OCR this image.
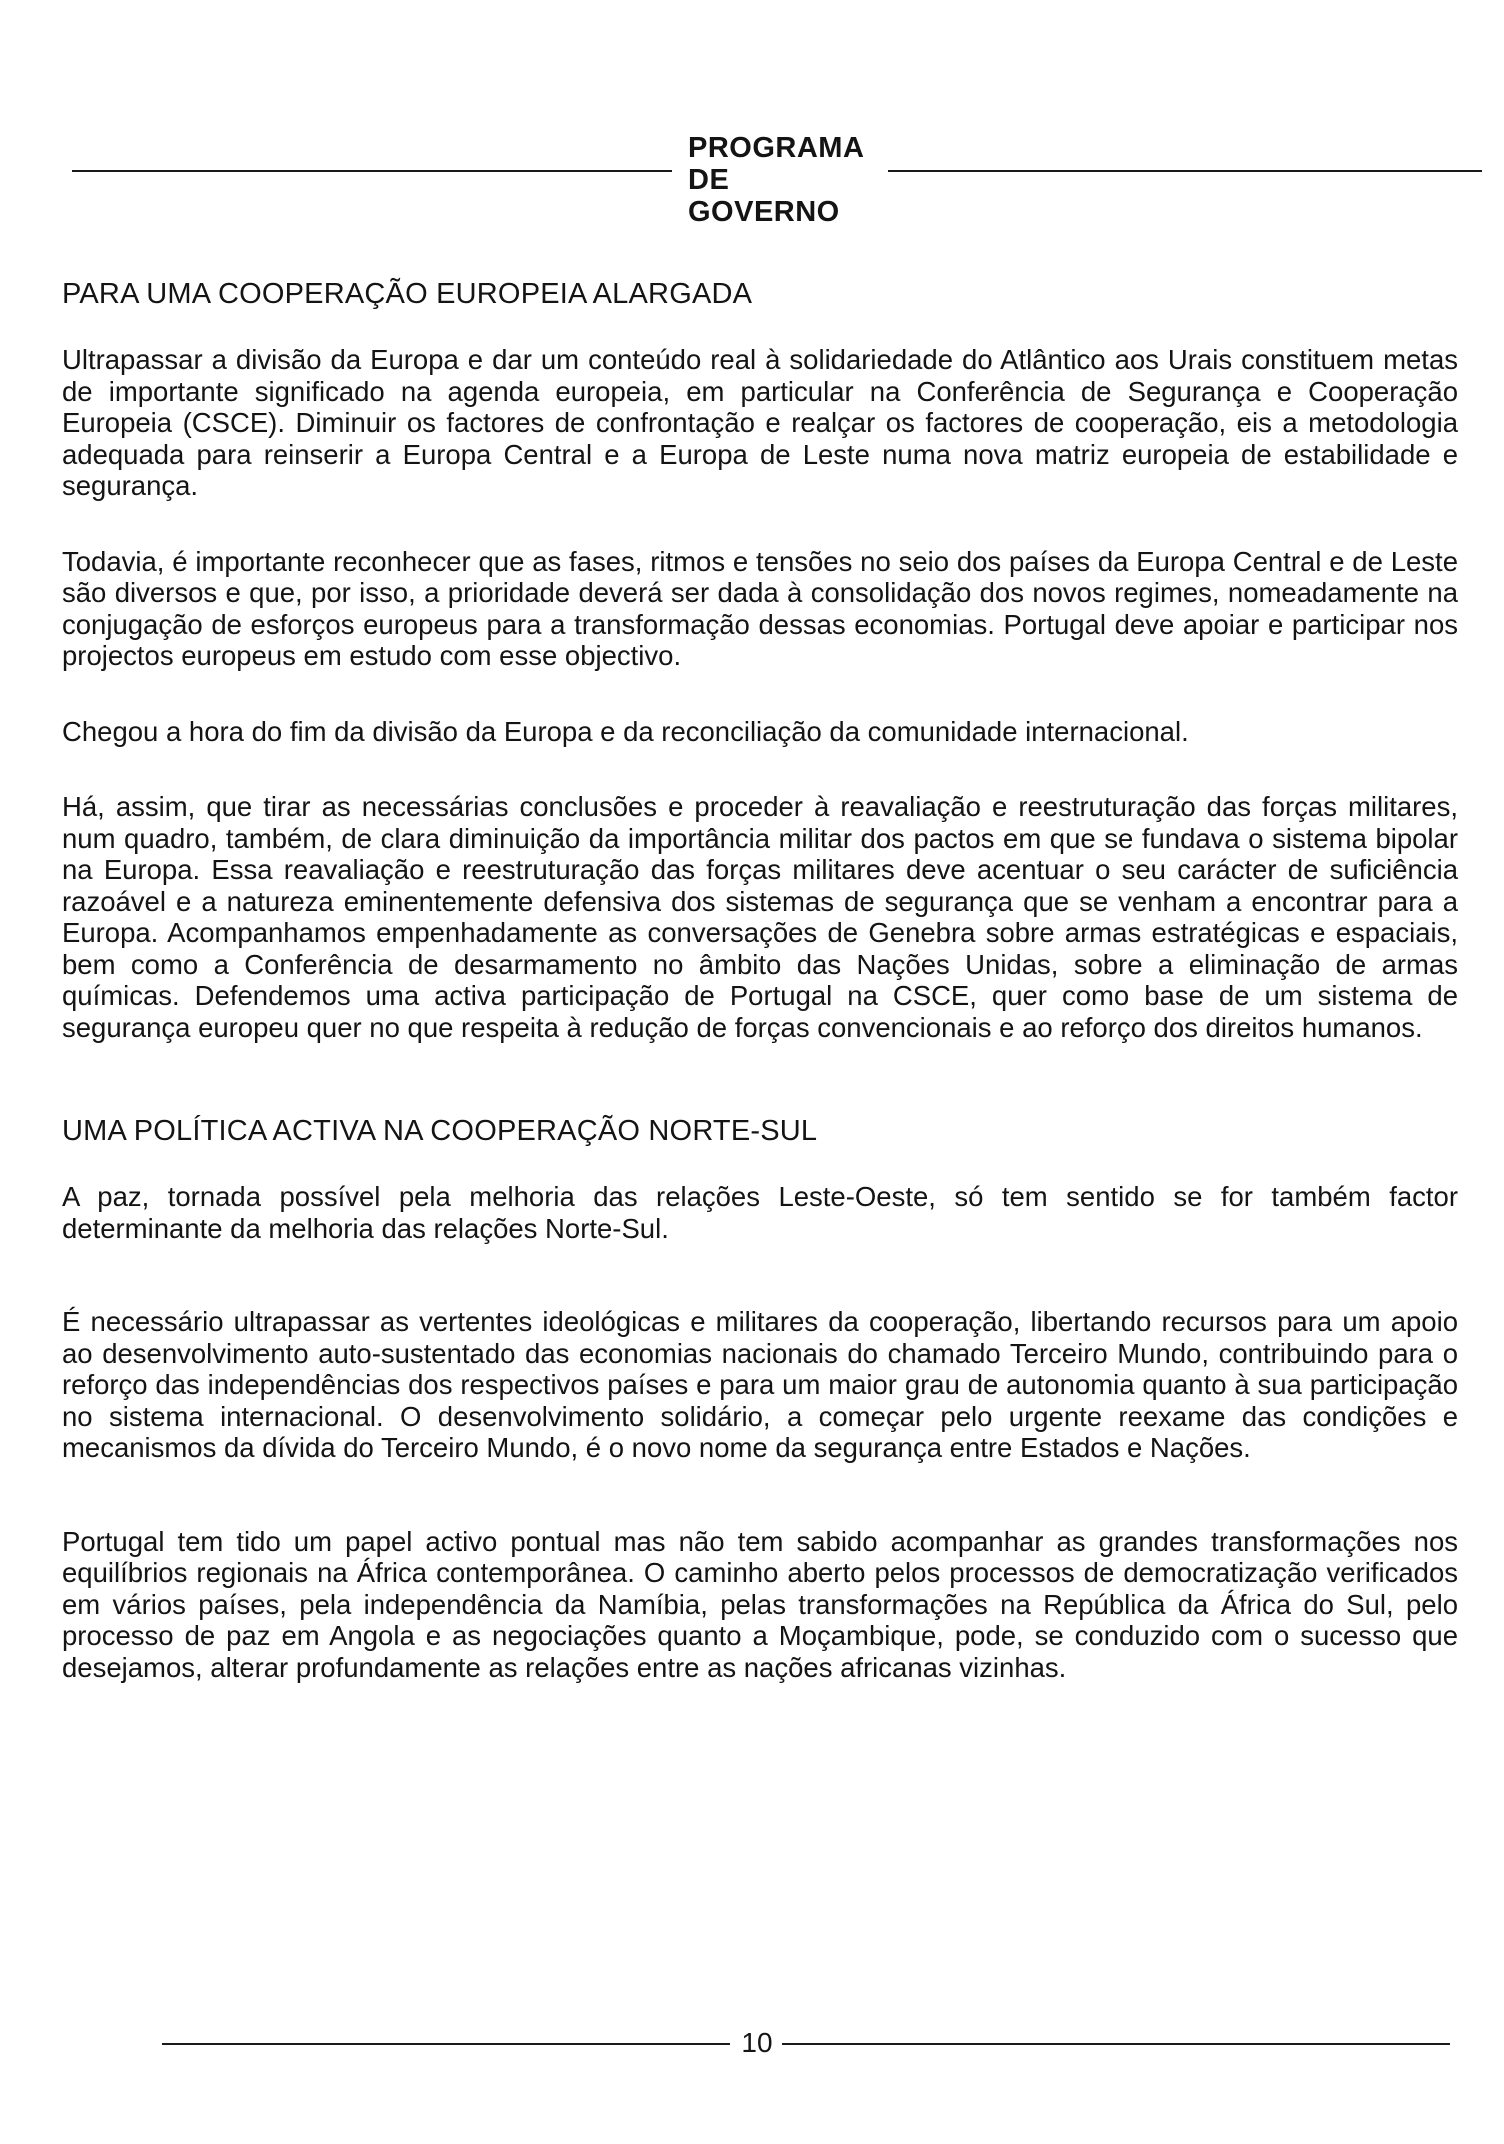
PROGRAMA
DE GOVERNO
PARA UMA COOPERAÇÃO EUROPEIA ALARGADA

Ultrapassar a divisão da Europa e dar um conteúdo real à solidariedade do Atlântico aos Urais constituem metas de importante significado na agenda europeia, em particular na Conferência de Segurança e Cooperação Europeia (CSCE). Diminuir os factores de confrontação e realçar os factores de cooperação, eis a metodologia adequada para reinserir a Europa Central e a Europa de Leste numa nova matriz europeia de estabilidade e segurança.

Todavia, é importante reconhecer que as fases, ritmos e tensões no seio dos países da Europa Central e de Leste são diversos e que, por isso, a prioridade deverá ser dada à consolidação dos novos regimes, nomeadamente na conjugação de esforços europeus para a transformação dessas economias. Portugal deve apoiar e participar nos projectos europeus em estudo com esse objectivo.

Chegou a hora do fim da divisão da Europa e da reconciliação da comunidade internacional.

Há, assim, que tirar as necessárias conclusões e proceder à reavaliação e reestruturação das forças militares, num quadro, também, de clara diminuição da importância militar dos pactos em que se fundava o sistema bipolar na Europa. Essa reavaliação e reestruturação das forças militares deve acentuar o seu carácter de suficiência razoável e a natureza eminentemente defensiva dos sistemas de segurança que se venham a encontrar para a Europa. Acompanhamos empenhadamente as conversações de Genebra sobre armas estratégicas e espaciais, bem como a Conferência de desarmamento no âmbito das Nações Unidas, sobre a eliminação de armas químicas. Defendemos uma activa participação de Portugal na CSCE, quer como base de um sistema de segurança europeu quer no que respeita à redução de forças convencionais e ao reforço dos direitos humanos.

UMA POLÍTICA ACTIVA NA COOPERAÇÃO NORTE-SUL

A paz, tornada possível pela melhoria das relações Leste-Oeste, só tem sentido se for também factor determinante da melhoria das relações Norte-Sul.

É necessário ultrapassar as vertentes ideológicas e militares da cooperação, libertando recursos para um apoio ao desenvolvimento auto-sustentado das economias nacionais do chamado Terceiro Mundo, contribuindo para o reforço das independências dos respectivos países e para um maior grau de autonomia quanto à sua participação no sistema internacional. O desenvolvimento solidário, a começar pelo urgente reexame das condições e mecanismos da dívida do Terceiro Mundo, é o novo nome da segurança entre Estados e Nações.

Portugal tem tido um papel activo pontual mas não tem sabido acompanhar as grandes transformações nos equilíbrios regionais na África contemporânea. O caminho aberto pelos processos de democratização verificados em vários países, pela independência da Namíbia, pelas transformações na República da África do Sul, pelo processo de paz em Angola e as negociações quanto a Moçambique, pode, se conduzido com o sucesso que desejamos, alterar profundamente as relações entre as nações africanas vizinhas.

10
